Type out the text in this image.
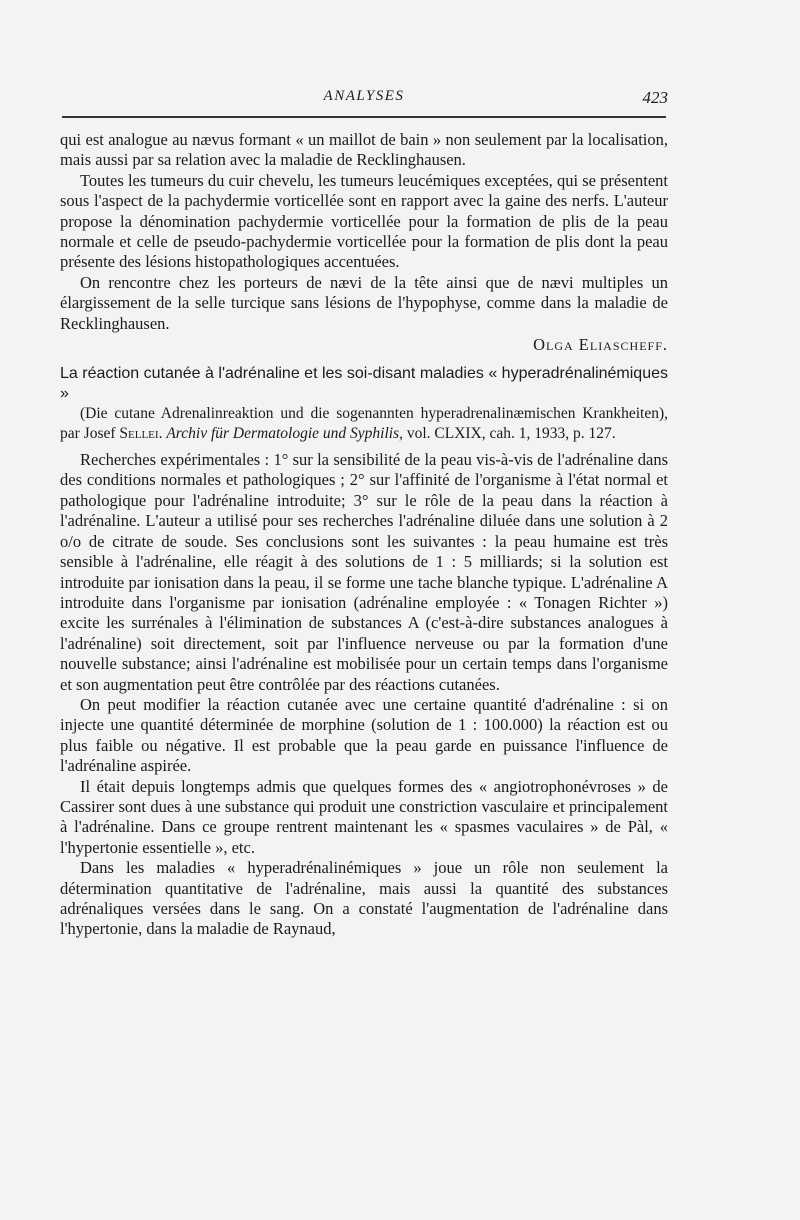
ANALYSES	423

qui est analogue au nævus formant « un maillot de bain » non seulement par la localisation, mais aussi par sa relation avec la maladie de Recklinghausen.

Toutes les tumeurs du cuir chevelu, les tumeurs leucémiques exceptées, qui se présentent sous l'aspect de la pachydermie vorticellée sont en rapport avec la gaine des nerfs. L'auteur propose la dénomination pachydermie vorticellée pour la formation de plis de la peau normale et celle de pseudo-pachydermie vorticellée pour la formation de plis dont la peau présente des lésions histopathologiques accentuées.

On rencontre chez les porteurs de nævi de la tête ainsi que de nævi multiples un élargissement de la selle turcique sans lésions de l'hypophyse, comme dans la maladie de Recklinghausen.

Olga Eliascheff.
La réaction cutanée à l'adrénaline et les soi-disant maladies « hyperadrénalinémiques »
(Die cutane Adrenalinreaktion und die sogenannten hyperadrenalinæmischen Krankheiten), par Josef Sellei. Archiv für Dermatologie und Syphilis, vol. CLXIX, cah. 1, 1933, p. 127.

Recherches expérimentales : 1° sur la sensibilité de la peau vis-à-vis de l'adrénaline dans des conditions normales et pathologiques ; 2° sur l'affinité de l'organisme à l'état normal et pathologique pour l'adrénaline introduite; 3° sur le rôle de la peau dans la réaction à l'adrénaline. L'auteur a utilisé pour ses recherches l'adrénaline diluée dans une solution à 2 o/o de citrate de soude. Ses conclusions sont les suivantes : la peau humaine est très sensible à l'adrénaline, elle réagit à des solutions de 1 : 5 milliards; si la solution est introduite par ionisation dans la peau, il se forme une tache blanche typique. L'adrénaline A introduite dans l'organisme par ionisation (adrénaline employée : « Tonagen Richter ») excite les surrénales à l'élimination de substances A (c'est-à-dire substances analogues à l'adrénaline) soit directement, soit par l'influence nerveuse ou par la formation d'une nouvelle substance; ainsi l'adrénaline est mobilisée pour un certain temps dans l'organisme et son augmentation peut être contrôlée par des réactions cutanées.

On peut modifier la réaction cutanée avec une certaine quantité d'adrénaline : si on injecte une quantité déterminée de morphine (solution de 1 : 100.000) la réaction est ou plus faible ou négative. Il est probable que la peau garde en puissance l'influence de l'adrénaline aspirée.

Il était depuis longtemps admis que quelques formes des « angiotrophonévroses » de Cassirer sont dues à une substance qui produit une constriction vasculaire et principalement à l'adrénaline. Dans ce groupe rentrent maintenant les « spasmes vaculaires » de Pàl, « l'hypertonie essentielle », etc.

Dans les maladies « hyperadrénalinémiques » joue un rôle non seulement la détermination quantitative de l'adrénaline, mais aussi la quantité des substances adrénaliques versées dans le sang. On a constaté l'augmentation de l'adrénaline dans l'hypertonie, dans la maladie de Raynaud,
